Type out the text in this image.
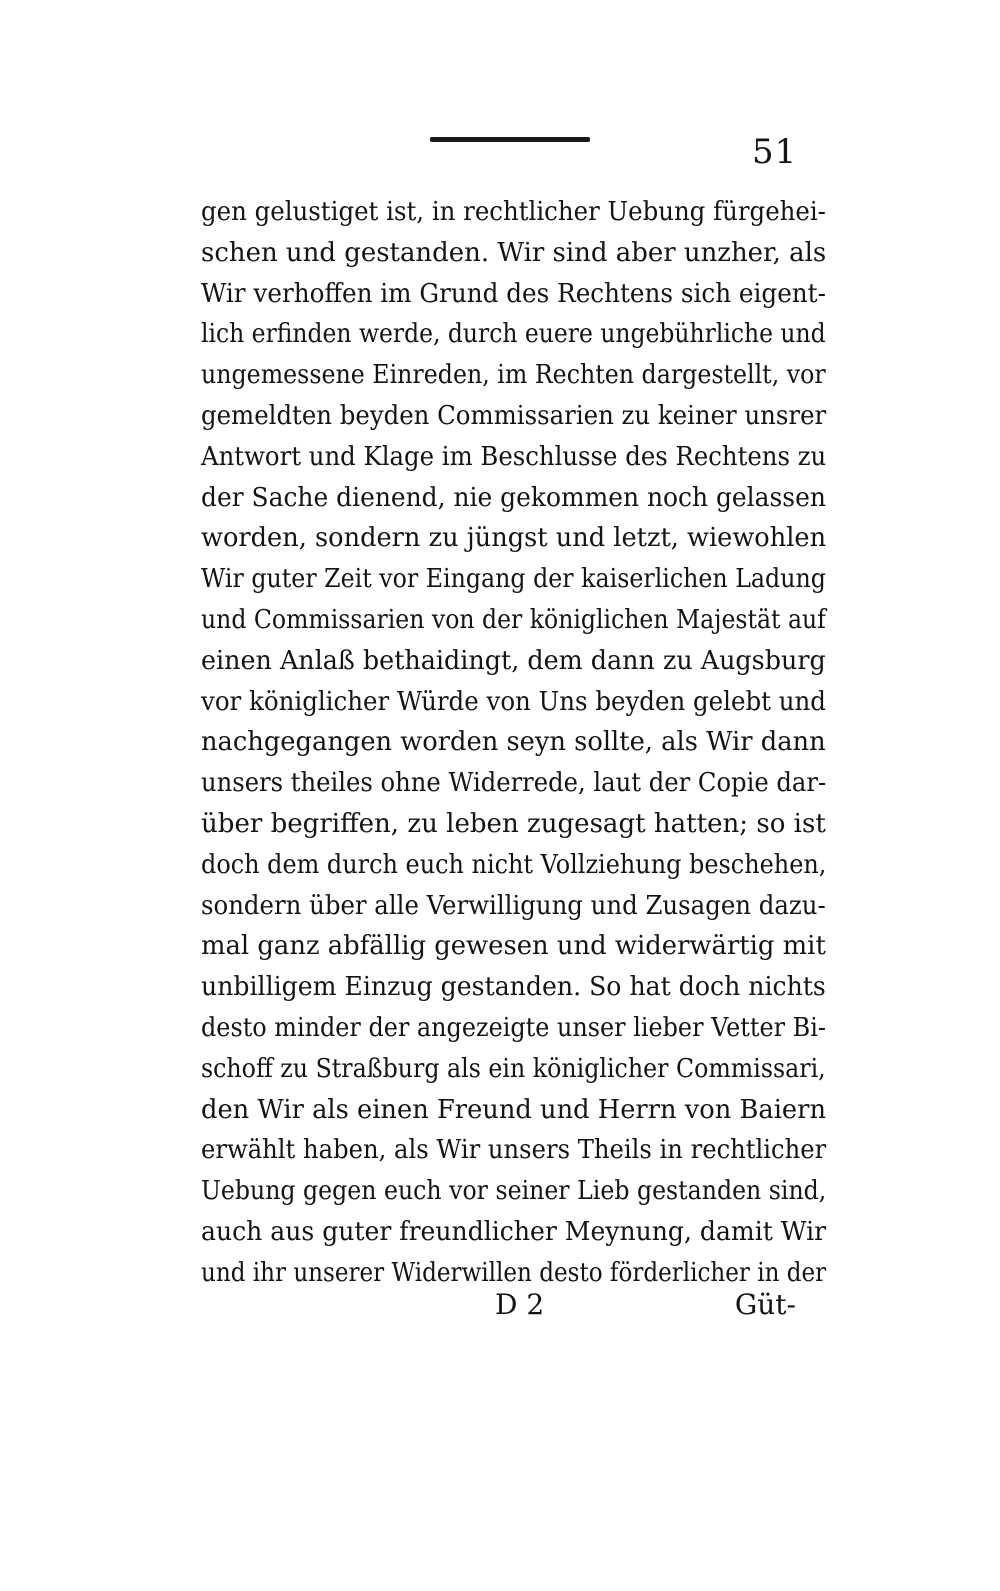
51
gen gelustiget ist, in rechtlicher Uebung fürgehei-
schen und gestanden. Wir sind aber unzher, als
Wir verhoffen im Grund des Rechtens sich eigent-
lich erfinden werde, durch euere ungebührliche und
ungemessene Einreden, im Rechten dargestellt, vor
gemeldten beyden Commissarien zu keiner unsrer
Antwort und Klage im Beschlusse des Rechtens zu
der Sache dienend, nie gekommen noch gelassen
worden, sondern zu jüngst und letzt, wiewohlen
Wir guter Zeit vor Eingang der kaiserlichen Ladung
und Commissarien von der königlichen Majestät auf
einen Anlaß bethaidingt, dem dann zu Augsburg
vor königlicher Würde von Uns beyden gelebt und
nachgegangen worden seyn sollte, als Wir dann
unsers theiles ohne Widerrede, laut der Copie dar-
über begriffen, zu leben zugesagt hatten; so ist
doch dem durch euch nicht Vollziehung beschehen,
sondern über alle Verwilligung und Zusagen dazu-
mal ganz abfällig gewesen und widerwärtig mit
unbilligem Einzug gestanden. So hat doch nichts
desto minder der angezeigte unser lieber Vetter Bi-
schoff zu Straßburg als ein königlicher Commissari,
den Wir als einen Freund und Herrn von Baiern
erwählt haben, als Wir unsers Theils in rechtlicher
Uebung gegen euch vor seiner Lieb gestanden sind,
auch aus guter freundlicher Meynung, damit Wir
und ihr unserer Widerwillen desto förderlicher in der
D 2	Güt-
